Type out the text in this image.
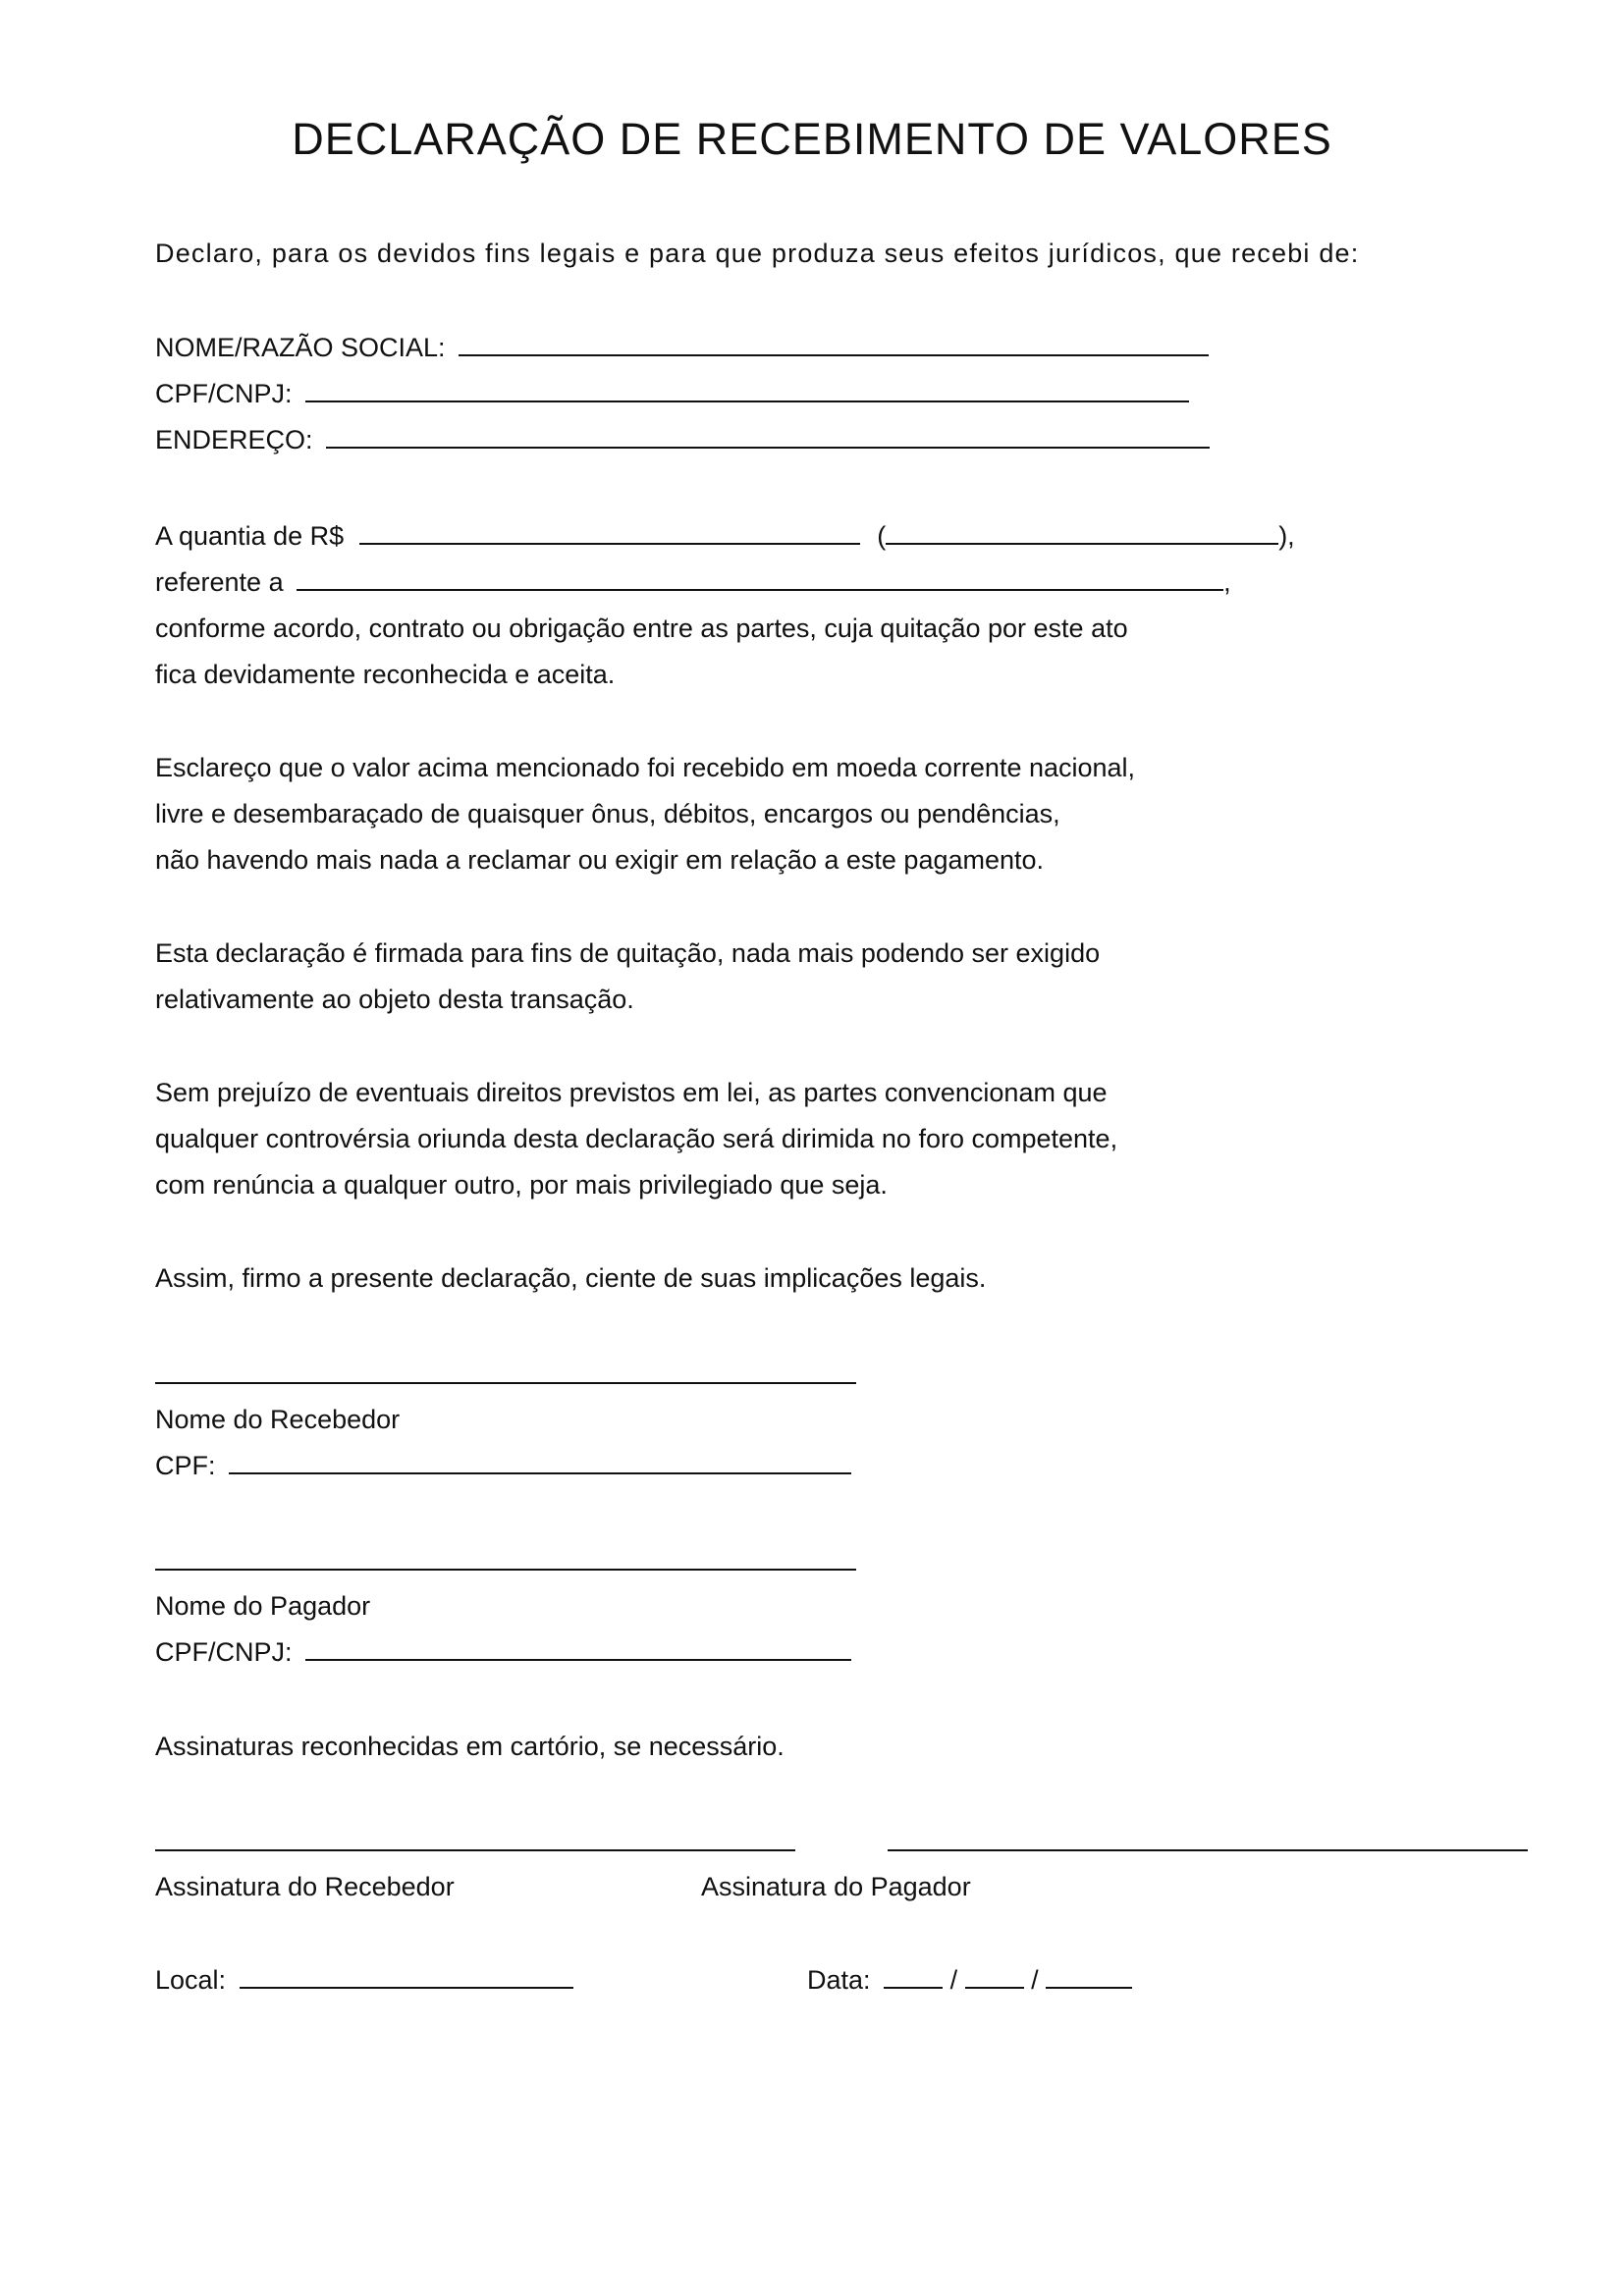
DECLARAÇÃO DE RECEBIMENTO DE VALORES
Declaro, para os devidos fins legais e para que produza seus efeitos jurídicos, que recebi de:
NOME/RAZÃO SOCIAL:
CPF/CNPJ:
ENDEREÇO:
A quantia de R$	(	),
referente a	,
conforme acordo, contrato ou obrigação entre as partes, cuja quitação por este ato
fica devidamente reconhecida e aceita.
Esclareço que o valor acima mencionado foi recebido em moeda corrente nacional,
livre e desembaraçado de quaisquer ônus, débitos, encargos ou pendências,
não havendo mais nada a reclamar ou exigir em relação a este pagamento.
Esta declaração é firmada para fins de quitação, nada mais podendo ser exigido
relativamente ao objeto desta transação.
Sem prejuízo de eventuais direitos previstos em lei, as partes convencionam que
qualquer controvérsia oriunda desta declaração será dirimida no foro competente,
com renúncia a qualquer outro, por mais privilegiado que seja.
Assim, firmo a presente declaração, ciente de suas implicações legais.
Nome do Recebedor
CPF:
Nome do Pagador
CPF/CNPJ:
Assinaturas reconhecidas em cartório, se necessário.
Assinatura do Recebedor	Assinatura do Pagador
Local:	Data:	/	/
